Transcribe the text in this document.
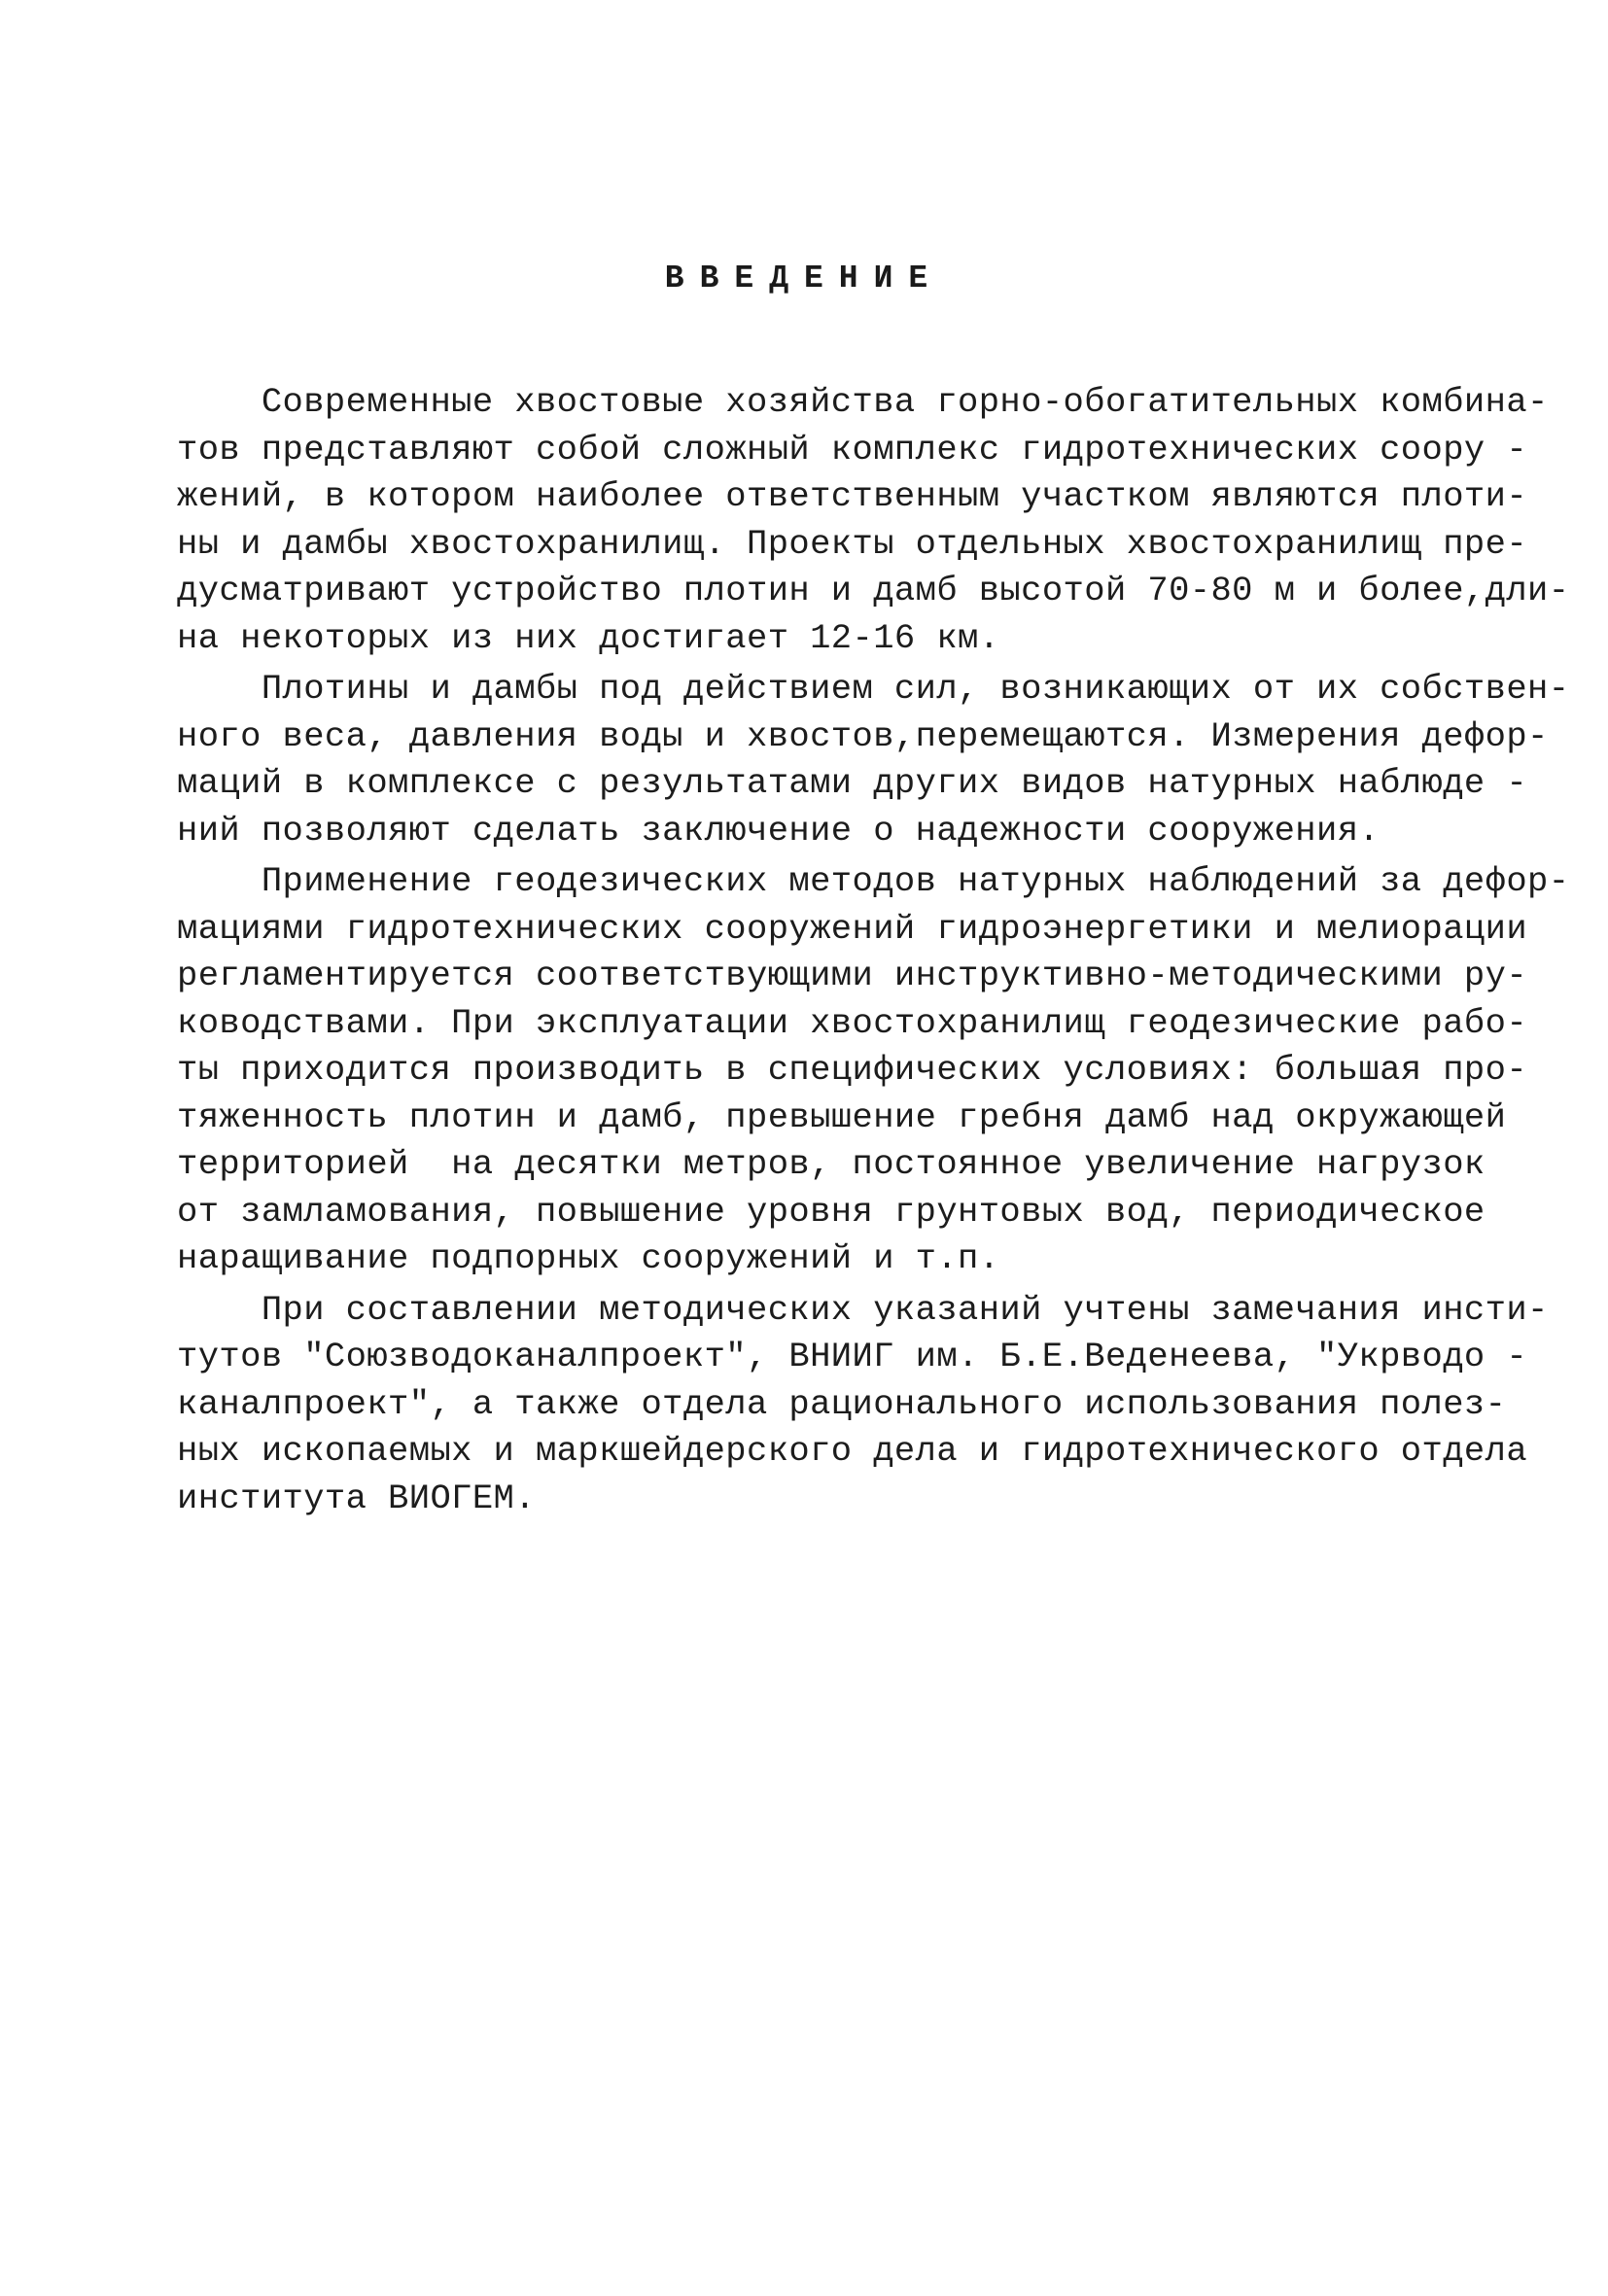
ВВЕДЕНИЕ
Современные хвостовые хозяйства горно-обогатительных комбина-
тов представляют собой сложный комплекс гидротехнических соору -
жений, в котором наиболее ответственным участком являются плоти-
ны и дамбы хвостохранилищ. Проекты отдельных хвостохранилищ пре-
дусматривают устройство плотин и дамб высотой 70-80 м и более,дли-
на некоторых из них достигает 12-16 км.
Плотины и дамбы под действием сил, возникающих от их собствен-
ного веса, давления воды и хвостов,перемещаются. Измерения дефор-
маций в комплексе с результатами других видов натурных наблюде -
ний позволяют сделать заключение о надежности сооружения.
Применение геодезических методов натурных наблюдений за дефор-
мациями гидротехнических сооружений гидроэнергетики и мелиорации
регламентируется соответствующими инструктивно-методическими ру-
ководствами. При эксплуатации хвостохранилищ геодезические рабо-
ты приходится производить в специфических условиях: большая про-
тяженность плотин и дамб, превышение гребня дамб над окружающей
территорией  на десятки метров, постоянное увеличение нагрузок
от замламования, повышение уровня грунтовых вод, периодическое
наращивание подпорных сооружений и т.п.
При составлении методических указаний учтены замечания инсти-
тутов "Союзводоканалпроект", ВНИИГ им. Б.Е.Веденеева, "Укрводо -
каналпроект", а также отдела рационального использования полез-
ных ископаемых и маркшейдерского дела и гидротехнического отдела
института ВИОГЕМ.
